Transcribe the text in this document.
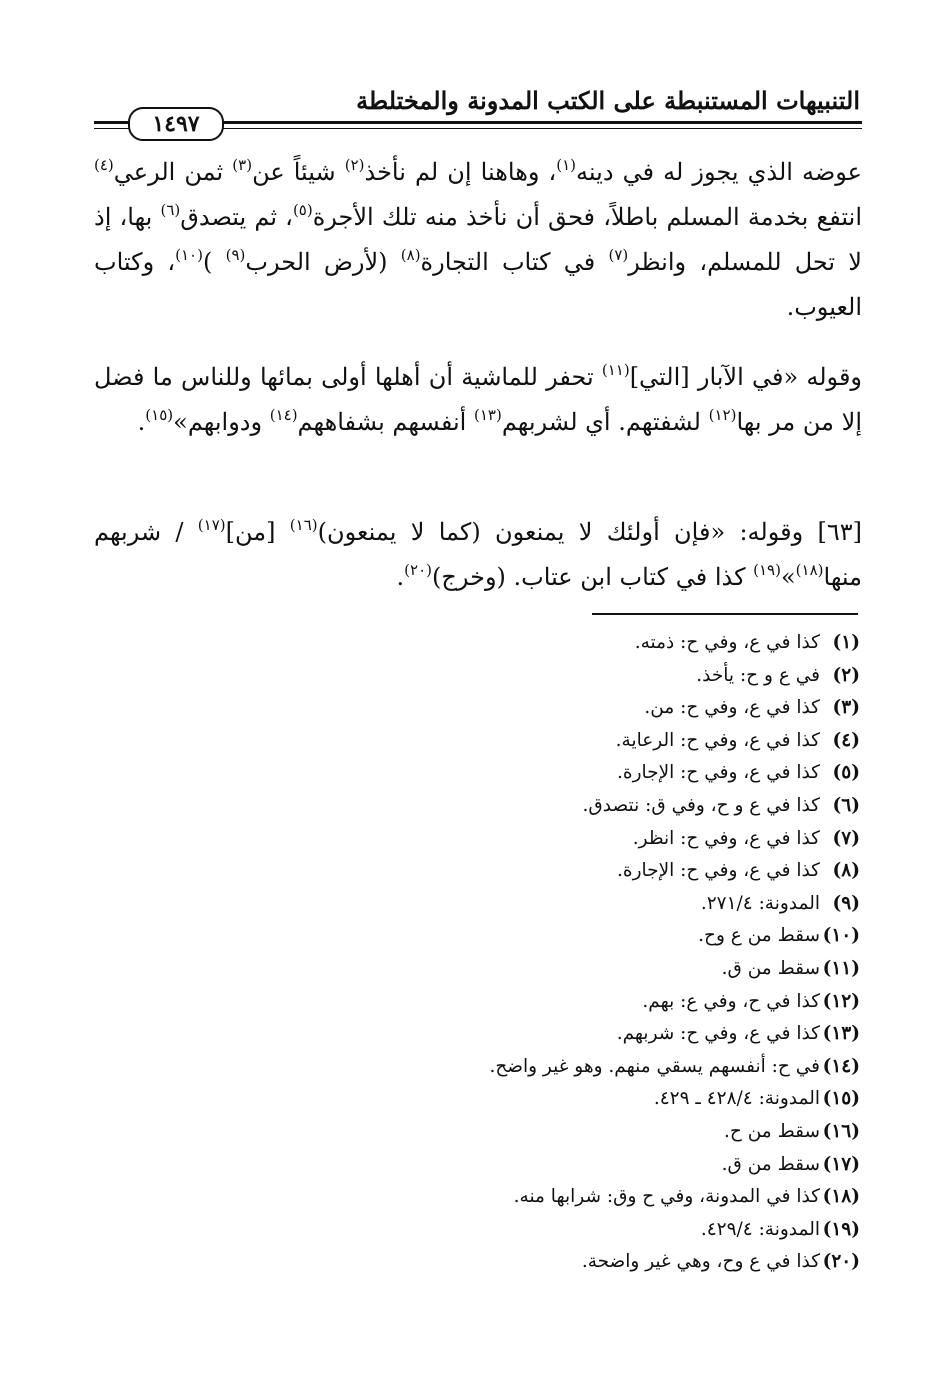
التنبيهات المستنبطة على الكتب المدونة والمختلطة
١٤٩٧
عوضه الذي يجوز له في دينه$^{(١)}$، وهاهنا إن لم نأخذ$^{(٢)}$ شيئاً عن$^{(٣)}$ ثمن الرعي$^{(٤)}$ انتفع بخدمة المسلم باطلاً، فحق أن نأخذ منه تلك الأجرة$^{(٥)}$، ثم يتصدق$^{(٦)}$ بها، إذ لا تحل للمسلم، وانظر$^{(٧)}$ في كتاب التجارة$^{(٨)}$ (لأرض الحرب$^{(٩)}$ )$^{(١٠)}$، وكتاب العيوب.
وقوله «في الآبار [التي]$^{(١١)}$ تحفر للماشية أن أهلها أولى بمائها وللناس ما فضل إلا من مر بها$^{(١٢)}$ لشفتهم. أي لشربهم$^{(١٣)}$ أنفسهم بشفاههم$^{(١٤)}$ ودوابهم»$^{(١٥)}$.
[٦٣] وقوله: «فإن أولئك لا يمنعون (كما لا يمنعون)$^{(١٦)}$ [من]$^{(١٧)}$ / شربهم منها$^{(١٨)}$»$^{(١٩)}$ كذا في كتاب ابن عتاب. (وخرج)$^{(٢٠)}$.
(١)كذا في ع، وفي ح: ذمته.
(٢)في ع و ح: يأخذ.
(٣)كذا في ع، وفي ح: من.
(٤)كذا في ع، وفي ح: الرعاية.
(٥)كذا في ع، وفي ح: الإجارة.
(٦)كذا في ع و ح، وفي ق: نتصدق.
(٧)كذا في ع، وفي ح: انظر.
(٨)كذا في ع، وفي ح: الإجارة.
(٩)المدونة: ٢٧١/٤.
(١٠)سقط من ع وح.
(١١)سقط من ق.
(١٢)كذا في ح، وفي ع: بهم.
(١٣)كذا في ع، وفي ح: شربهم.
(١٤)في ح: أنفسهم يسقي منهم. وهو غير واضح.
(١٥)المدونة: ٤٢٨/٤ ـ ٤٢٩.
(١٦)سقط من ح.
(١٧)سقط من ق.
(١٨)كذا في المدونة، وفي ح وق: شرابها منه.
(١٩)المدونة: ٤٢٩/٤.
(٢٠)كذا في ع وح، وهي غير واضحة.
